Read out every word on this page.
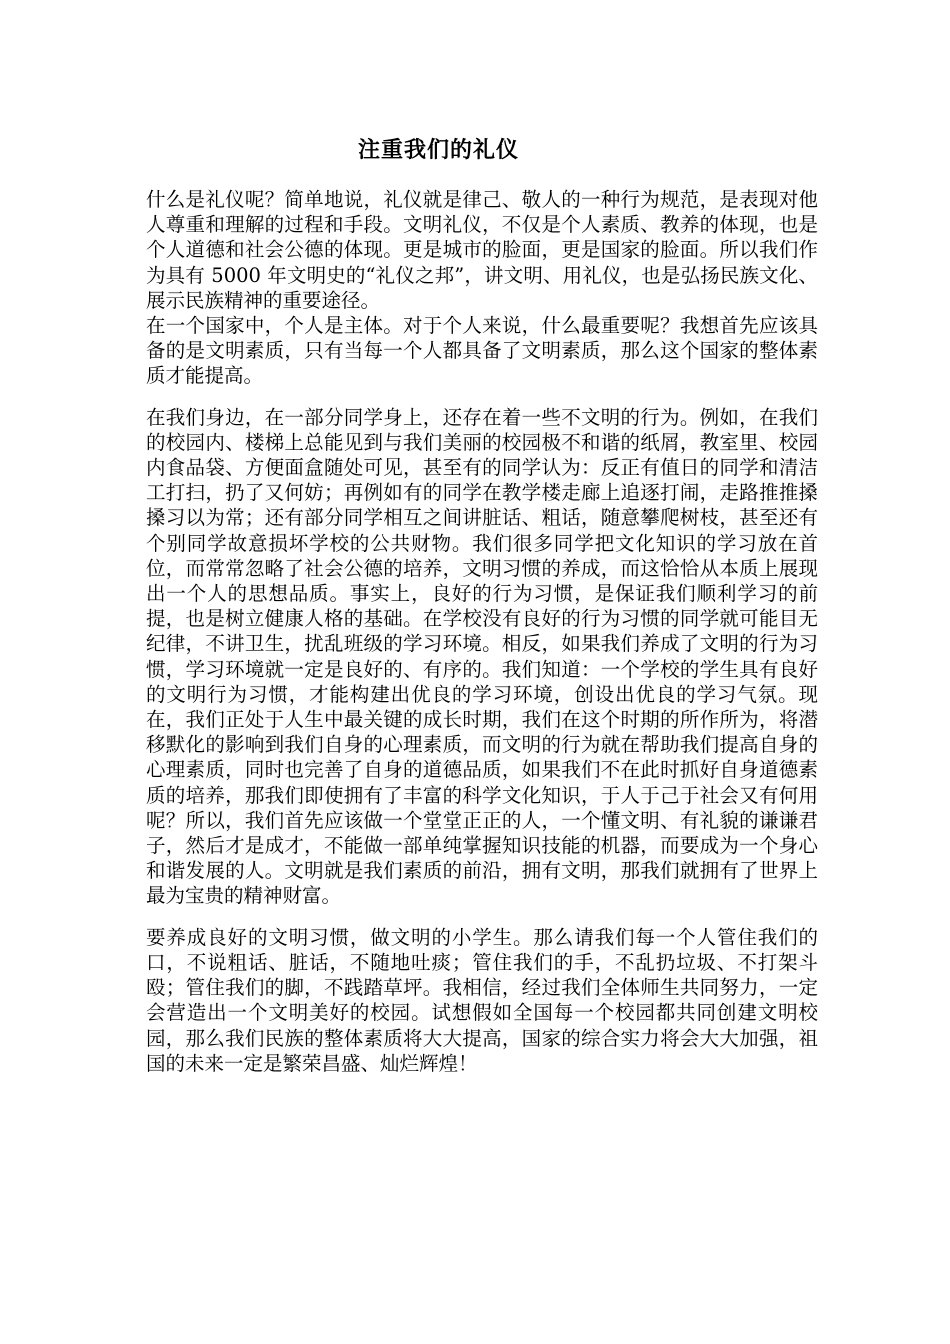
注重我们的礼仪

什么是礼仪呢？简单地说，礼仪就是律己、敬人的一种行为规范，是表现对他人尊重和理解的过程和手段。文明礼仪，不仅是个人素质、教养的体现，也是个人道德和社会公德的体现。更是城市的脸面，更是国家的脸面。所以我们作为具有 5000 年文明史的“礼仪之邦”，讲文明、用礼仪，也是弘扬民族文化、展示民族精神的重要途径。

在一个国家中，个人是主体。对于个人来说，什么最重要呢？我想首先应该具备的是文明素质，只有当每一个人都具备了文明素质，那么这个国家的整体素质才能提高。

在我们身边，在一部分同学身上，还存在着一些不文明的行为。例如，在我们的校园内、楼梯上总能见到与我们美丽的校园极不和谐的纸屑，教室里、校园内食品袋、方便面盒随处可见，甚至有的同学认为：反正有值日的同学和清洁工打扫，扔了又何妨；再例如有的同学在教学楼走廊上追逐打闹，走路推推搡搡习以为常；还有部分同学相互之间讲脏话、粗话，随意攀爬树枝，甚至还有个别同学故意损坏学校的公共财物。我们很多同学把文化知识的学习放在首位，而常常忽略了社会公德的培养，文明习惯的养成，而这恰恰从本质上展现出一个人的思想品质。事实上，良好的行为习惯，是保证我们顺利学习的前提，也是树立健康人格的基础。在学校没有良好的行为习惯的同学就可能目无纪律，不讲卫生，扰乱班级的学习环境。相反，如果我们养成了文明的行为习惯，学习环境就一定是良好的、有序的。我们知道：一个学校的学生具有良好的文明行为习惯，才能构建出优良的学习环境，创设出优良的学习气氛。现在，我们正处于人生中最关键的成长时期，我们在这个时期的所作所为，将潜移默化的影响到我们自身的心理素质，而文明的行为就在帮助我们提高自身的心理素质，同时也完善了自身的道德品质，如果我们不在此时抓好自身道德素质的培养，那我们即使拥有了丰富的科学文化知识，于人于己于社会又有何用呢？所以，我们首先应该做一个堂堂正正的人，一个懂文明、有礼貌的谦谦君子，然后才是成才，不能做一部单纯掌握知识技能的机器，而要成为一个身心和谐发展的人。文明就是我们素质的前沿，拥有文明，那我们就拥有了世界上最为宝贵的精神财富。

要养成良好的文明习惯，做文明的小学生。那么请我们每一个人管住我们的口，不说粗话、脏话，不随地吐痰；管住我们的手，不乱扔垃圾、不打架斗殴；管住我们的脚，不践踏草坪。我相信，经过我们全体师生共同努力，一定会营造出一个文明美好的校园。试想假如全国每一个校园都共同创建文明校园，那么我们民族的整体素质将大大提高，国家的综合实力将会大大加强，祖国的未来一定是繁荣昌盛、灿烂辉煌！
